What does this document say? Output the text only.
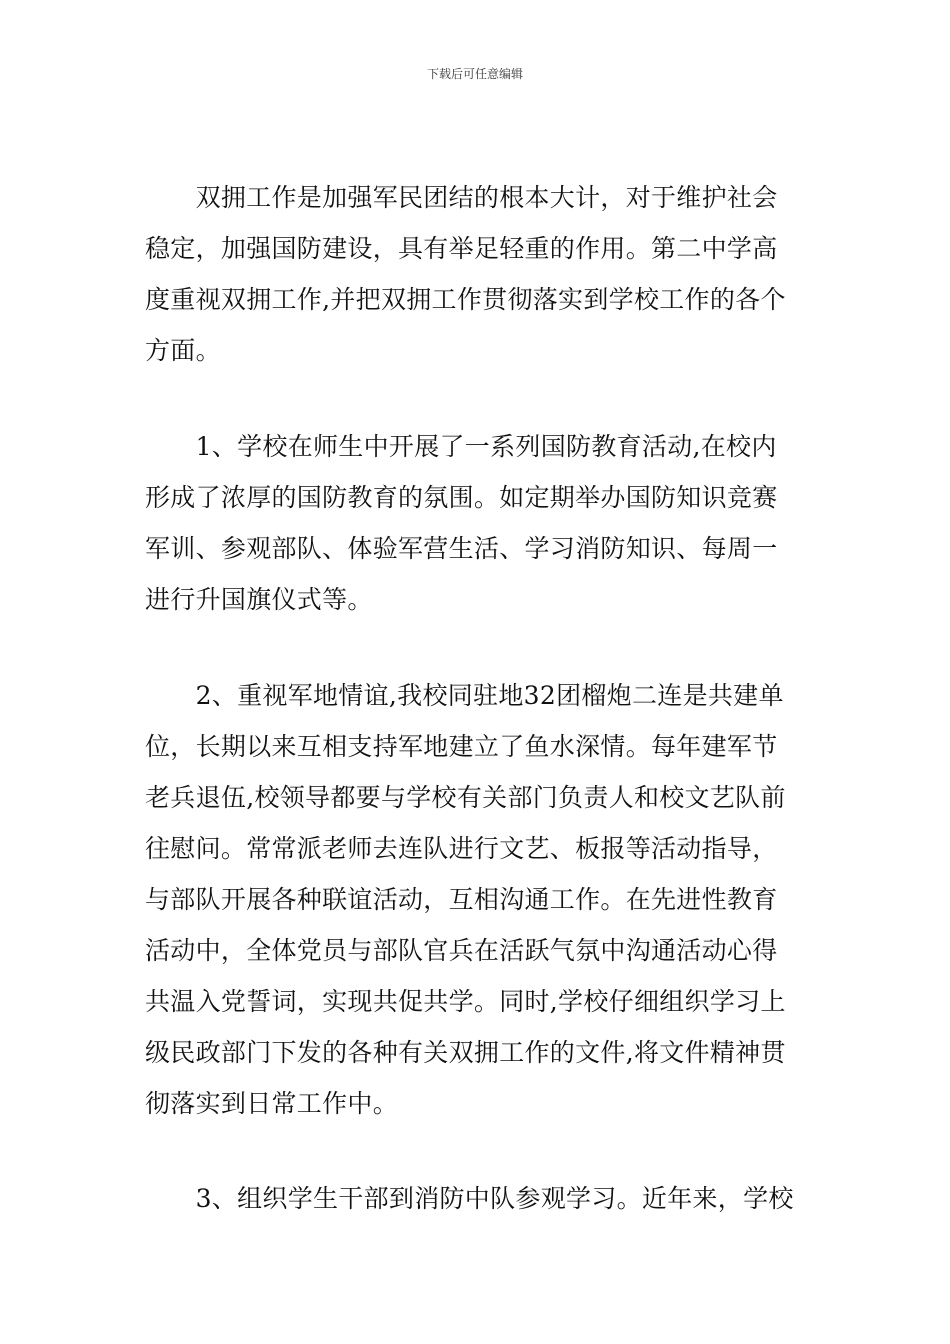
下载后可任意编辑
　　双拥工作是加强军民团结的根本大计，对于维护社会
稳定，加强国防建设，具有举足轻重的作用。第二中学高
度重视双拥工作,并把双拥工作贯彻落实到学校工作的各个
方面。
　　1、学校在师生中开展了一系列国防教育活动,在校内
形成了浓厚的国防教育的氛围。如定期举办国防知识竞赛
军训、参观部队、体验军营生活、学习消防知识、每周一
进行升国旗仪式等。
　　2、重视军地情谊,我校同驻地32团榴炮二连是共建单
位，长期以来互相支持军地建立了鱼水深情。每年建军节
老兵退伍,校领导都要与学校有关部门负责人和校文艺队前
往慰问。常常派老师去连队进行文艺、板报等活动指导，
与部队开展各种联谊活动，互相沟通工作。在先进性教育
活动中，全体党员与部队官兵在活跃气氛中沟通活动心得
共温入党誓词，实现共促共学。同时,学校仔细组织学习上
级民政部门下发的各种有关双拥工作的文件,将文件精神贯
彻落实到日常工作中。
　　3、组织学生干部到消防中队参观学习。近年来，学校
